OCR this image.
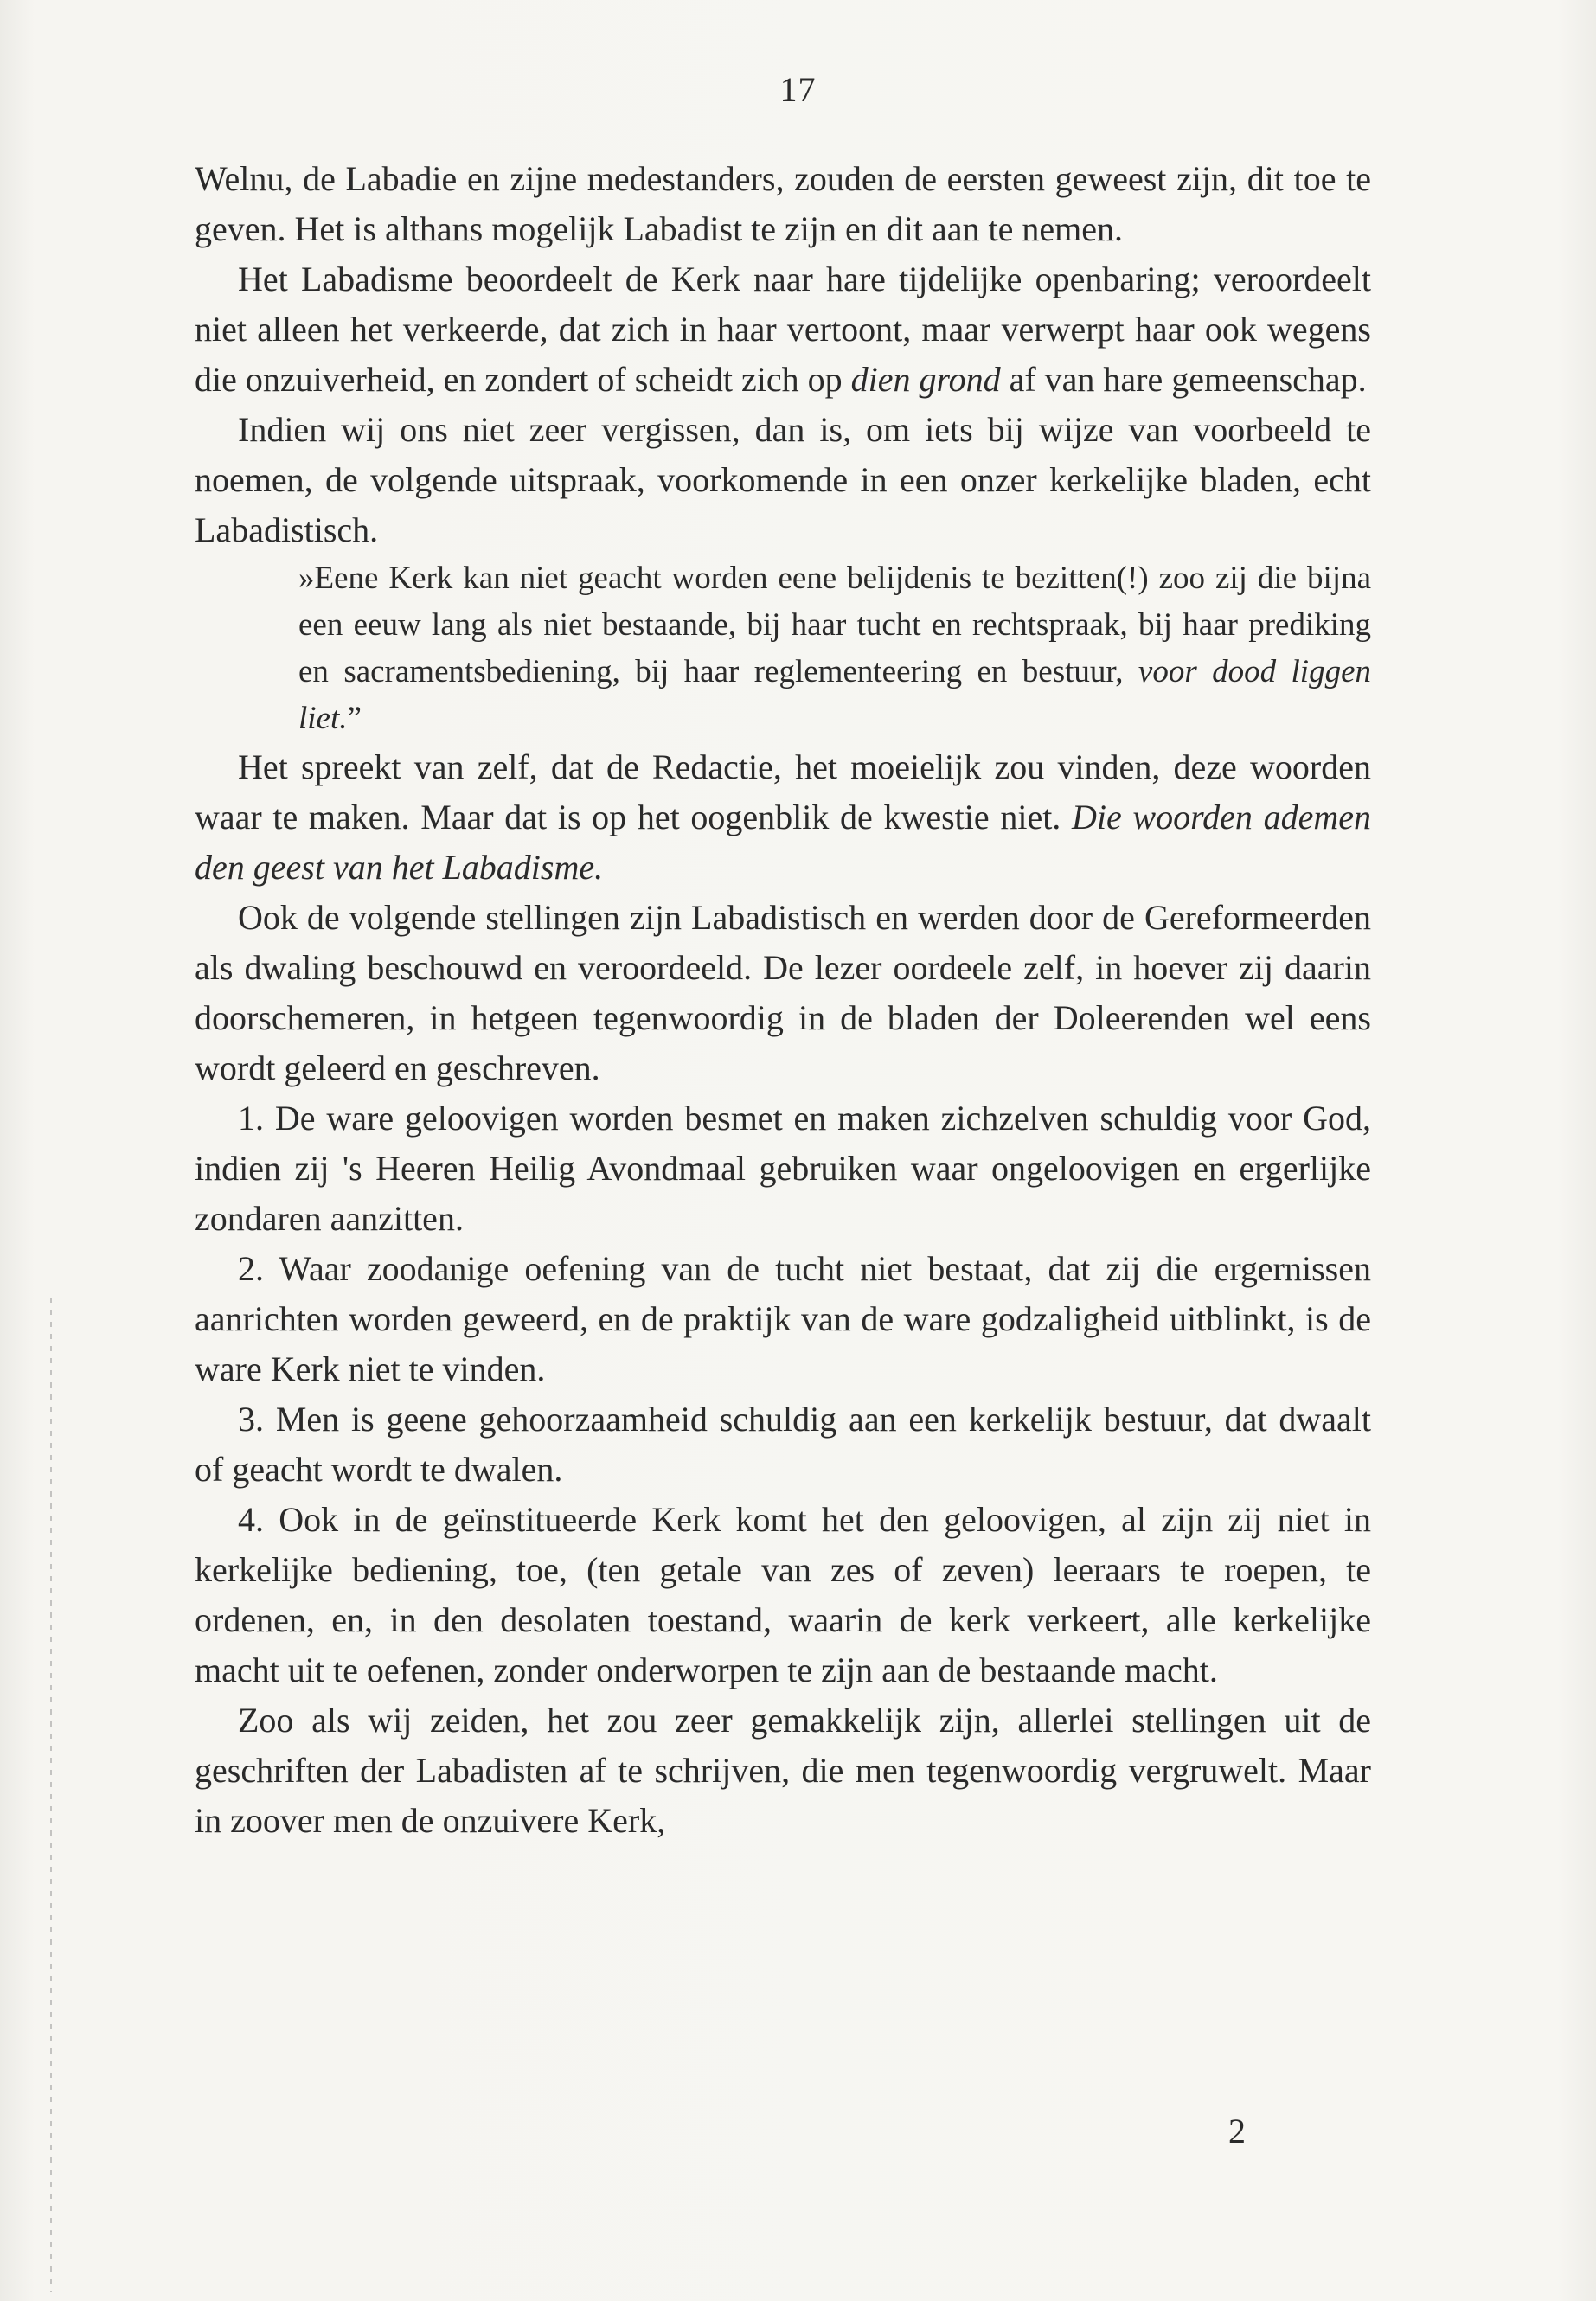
17

Welnu, de Labadie en zijne medestanders, zouden de eersten geweest zijn, dit toe te geven. Het is althans mogelijk Labadist te zijn en dit aan te nemen.

Het Labadisme beoordeelt de Kerk naar hare tijdelijke openbaring; veroordeelt niet alleen het verkeerde, dat zich in haar vertoont, maar verwerpt haar ook wegens die onzuiverheid, en zondert of scheidt zich op dien grond af van hare gemeenschap.

Indien wij ons niet zeer vergissen, dan is, om iets bij wijze van voorbeeld te noemen, de volgende uitspraak, voorkomende in een onzer kerkelijke bladen, echt Labadistisch.

»Eene Kerk kan niet geacht worden eene belijdenis te bezitten(!) zoo zij die bijna een eeuw lang als niet bestaande, bij haar tucht en rechtspraak, bij haar prediking en sacramentsbediening, bij haar reglementeering en bestuur, voor dood liggen liet.”

Het spreekt van zelf, dat de Redactie, het moeielijk zou vinden, deze woorden waar te maken. Maar dat is op het oogenblik de kwestie niet. Die woorden ademen den geest van het Labadisme.

Ook de volgende stellingen zijn Labadistisch en werden door de Gereformeerden als dwaling beschouwd en veroordeeld. De lezer oordeele zelf, in hoever zij daarin doorschemeren, in hetgeen tegenwoordig in de bladen der Doleerenden wel eens wordt geleerd en geschreven.

1. De ware geloovigen worden besmet en maken zichzelven schuldig voor God, indien zij 's Heeren Heilig Avondmaal gebruiken waar ongeloovigen en ergerlijke zondaren aanzitten.

2. Waar zoodanige oefening van de tucht niet bestaat, dat zij die ergernissen aanrichten worden geweerd, en de praktijk van de ware godzaligheid uitblinkt, is de ware Kerk niet te vinden.

3. Men is geene gehoorzaamheid schuldig aan een kerkelijk bestuur, dat dwaalt of geacht wordt te dwalen.

4. Ook in de geïnstitueerde Kerk komt het den geloovigen, al zijn zij niet in kerkelijke bediening, toe, (ten getale van zes of zeven) leeraars te roepen, te ordenen, en, in den desolaten toestand, waarin de kerk verkeert, alle kerkelijke macht uit te oefenen, zonder onderworpen te zijn aan de bestaande macht.

Zoo als wij zeiden, het zou zeer gemakkelijk zijn, allerlei stellingen uit de geschriften der Labadisten af te schrijven, die men tegenwoordig vergruwelt. Maar in zoover men de onzuivere Kerk,

2
